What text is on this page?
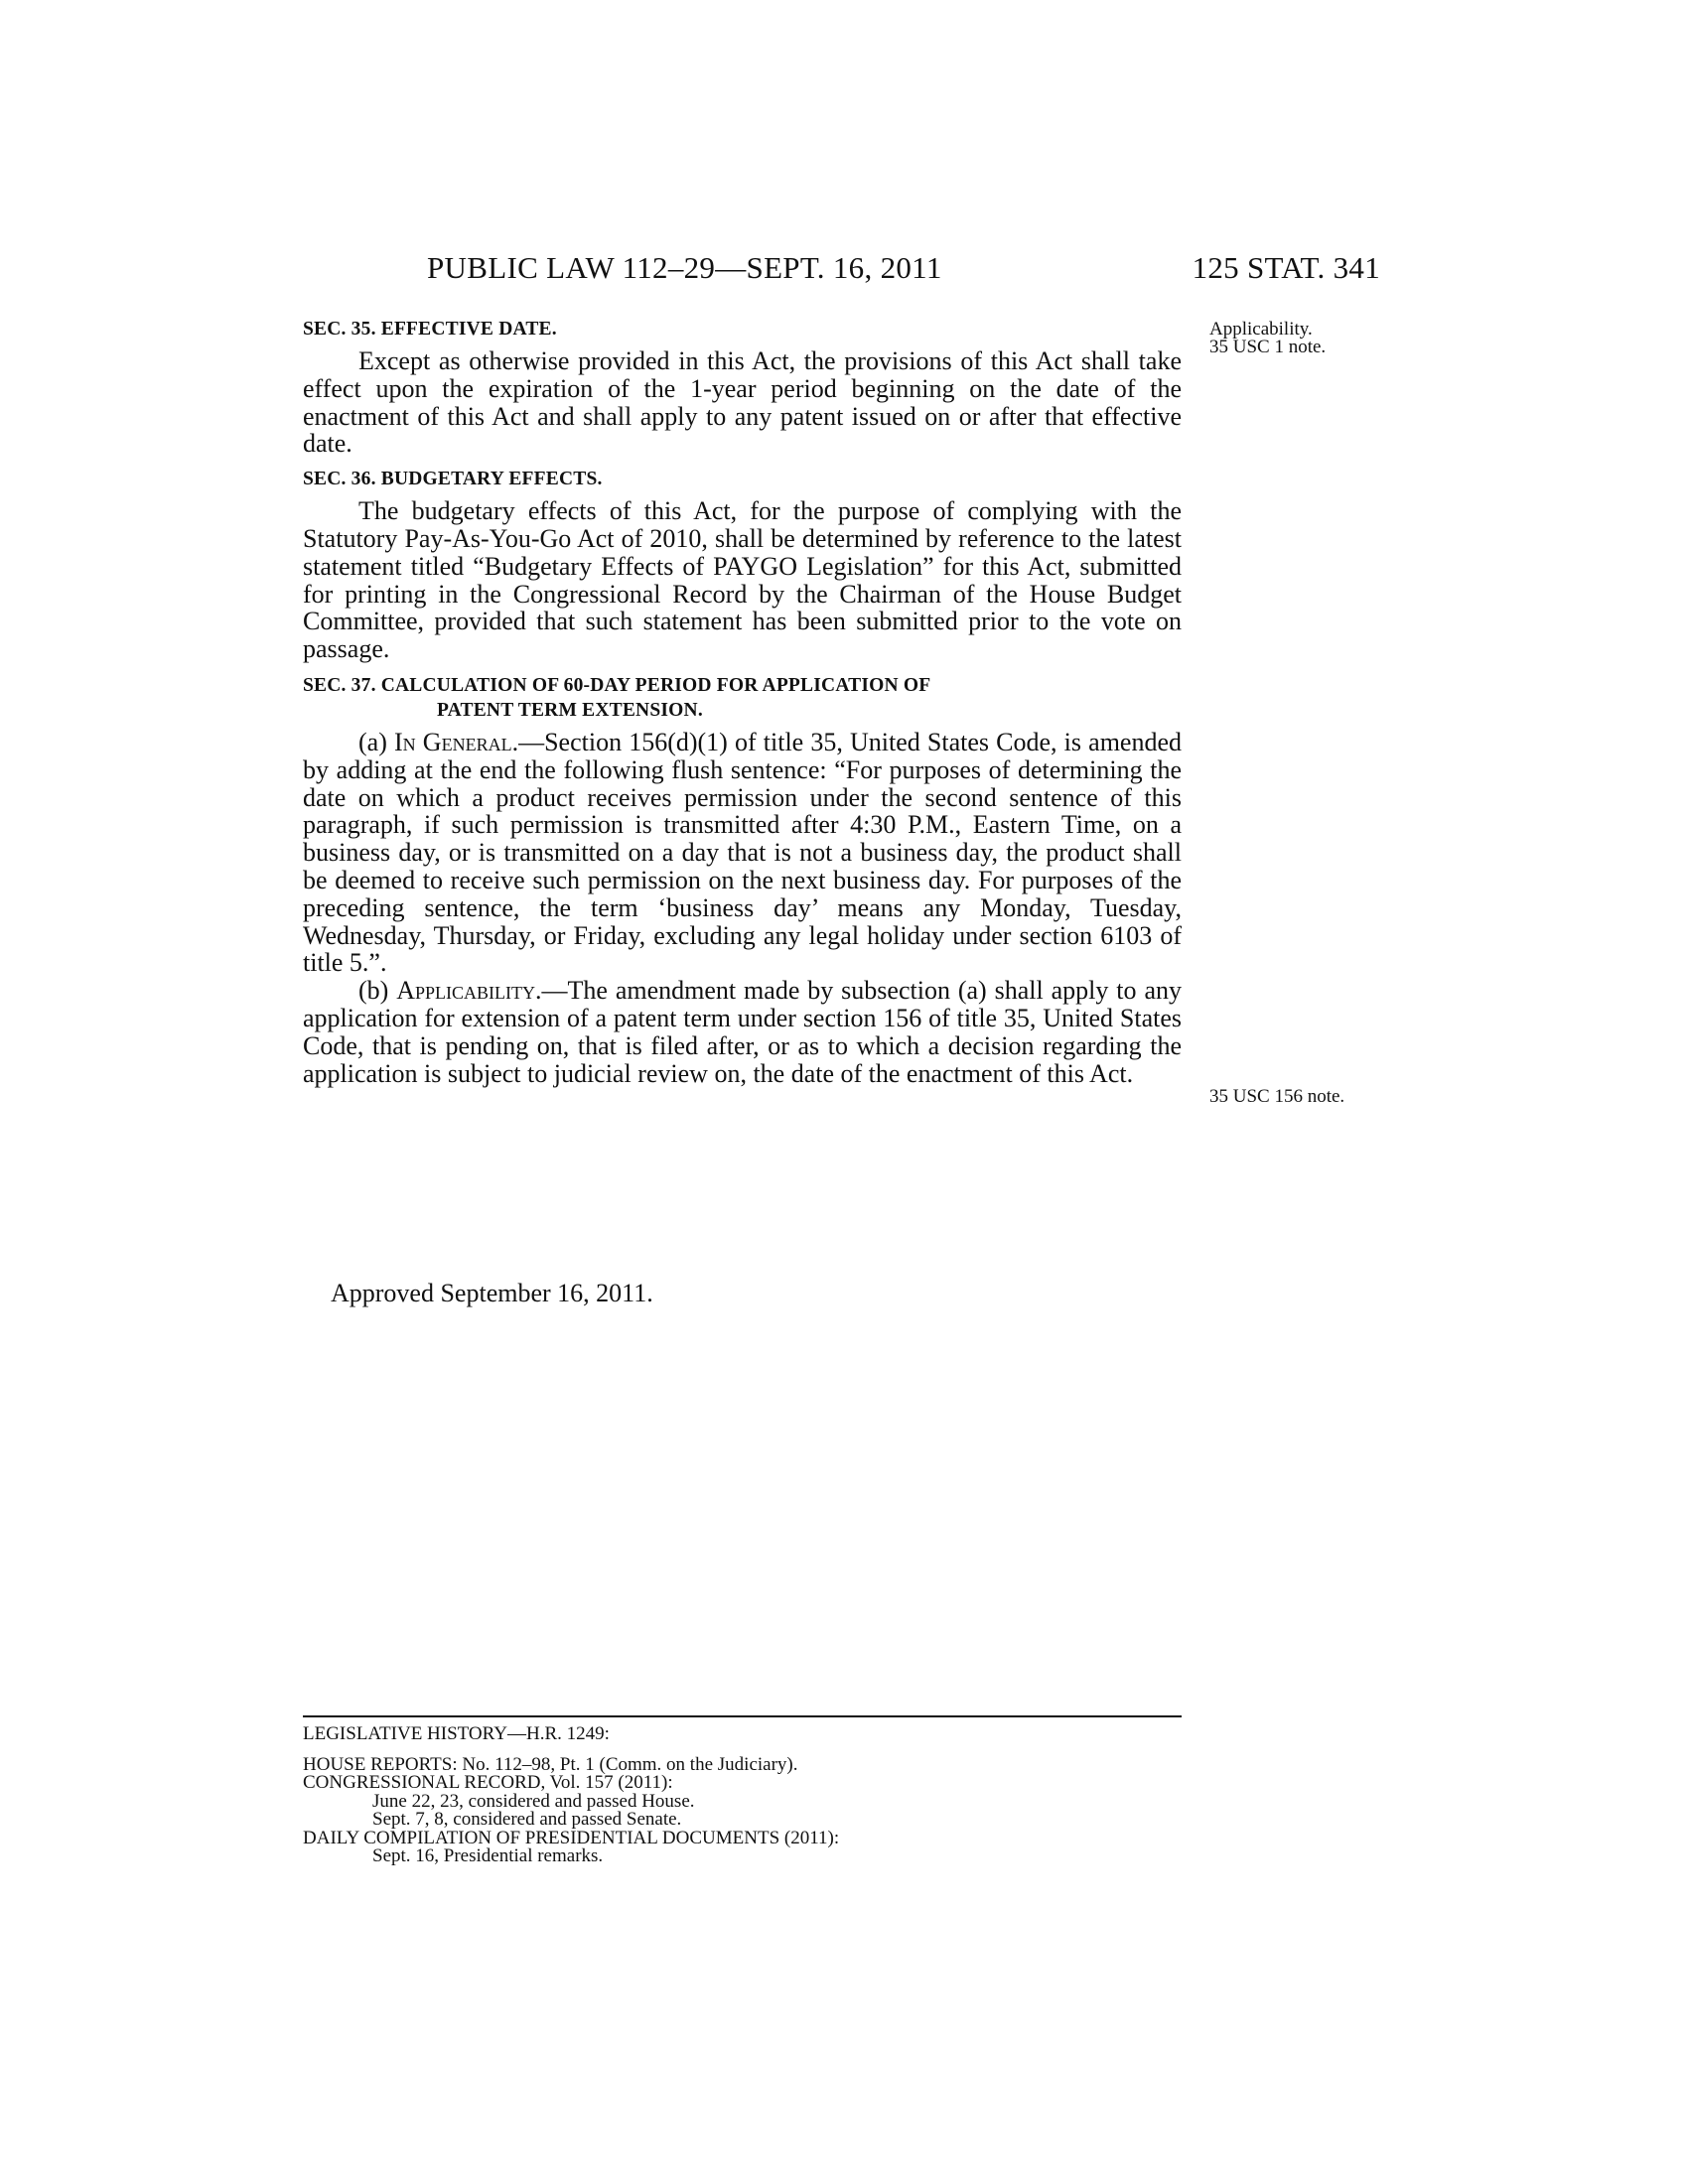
PUBLIC LAW 112–29—SEPT. 16, 2011	125 STAT. 341
Applicability.
35 USC 1 note.
35 USC 156 note.
SEC. 35. EFFECTIVE DATE.

Except as otherwise provided in this Act, the provisions of this Act shall take effect upon the expiration of the 1-year period beginning on the date of the enactment of this Act and shall apply to any patent issued on or after that effective date.

SEC. 36. BUDGETARY EFFECTS.

The budgetary effects of this Act, for the purpose of complying with the Statutory Pay-As-You-Go Act of 2010, shall be determined by reference to the latest statement titled “Budgetary Effects of PAYGO Legislation” for this Act, submitted for printing in the Congressional Record by the Chairman of the House Budget Committee, provided that such statement has been submitted prior to the vote on passage.

SEC. 37. CALCULATION OF 60-DAY PERIOD FOR APPLICATION OF
PATENT TERM EXTENSION.

(a) In General.—Section 156(d)(1) of title 35, United States Code, is amended by adding at the end the following flush sentence: “For purposes of determining the date on which a product receives permission under the second sentence of this paragraph, if such permission is transmitted after 4:30 P.M., Eastern Time, on a business day, or is transmitted on a day that is not a business day, the product shall be deemed to receive such permission on the next business day. For purposes of the preceding sentence, the term ‘business day’ means any Monday, Tuesday, Wednesday, Thursday, or Friday, excluding any legal holiday under section 6103 of title 5.”.

(b) Applicability.—The amendment made by subsection (a) shall apply to any application for extension of a patent term under section 156 of title 35, United States Code, that is pending on, that is filed after, or as to which a decision regarding the application is subject to judicial review on, the date of the enactment of this Act.

Approved September 16, 2011.
LEGISLATIVE HISTORY—H.R. 1249:
HOUSE REPORTS: No. 112–98, Pt. 1 (Comm. on the Judiciary).
CONGRESSIONAL RECORD, Vol. 157 (2011):
June 22, 23, considered and passed House.
Sept. 7, 8, considered and passed Senate.
DAILY COMPILATION OF PRESIDENTIAL DOCUMENTS (2011):
Sept. 16, Presidential remarks.
